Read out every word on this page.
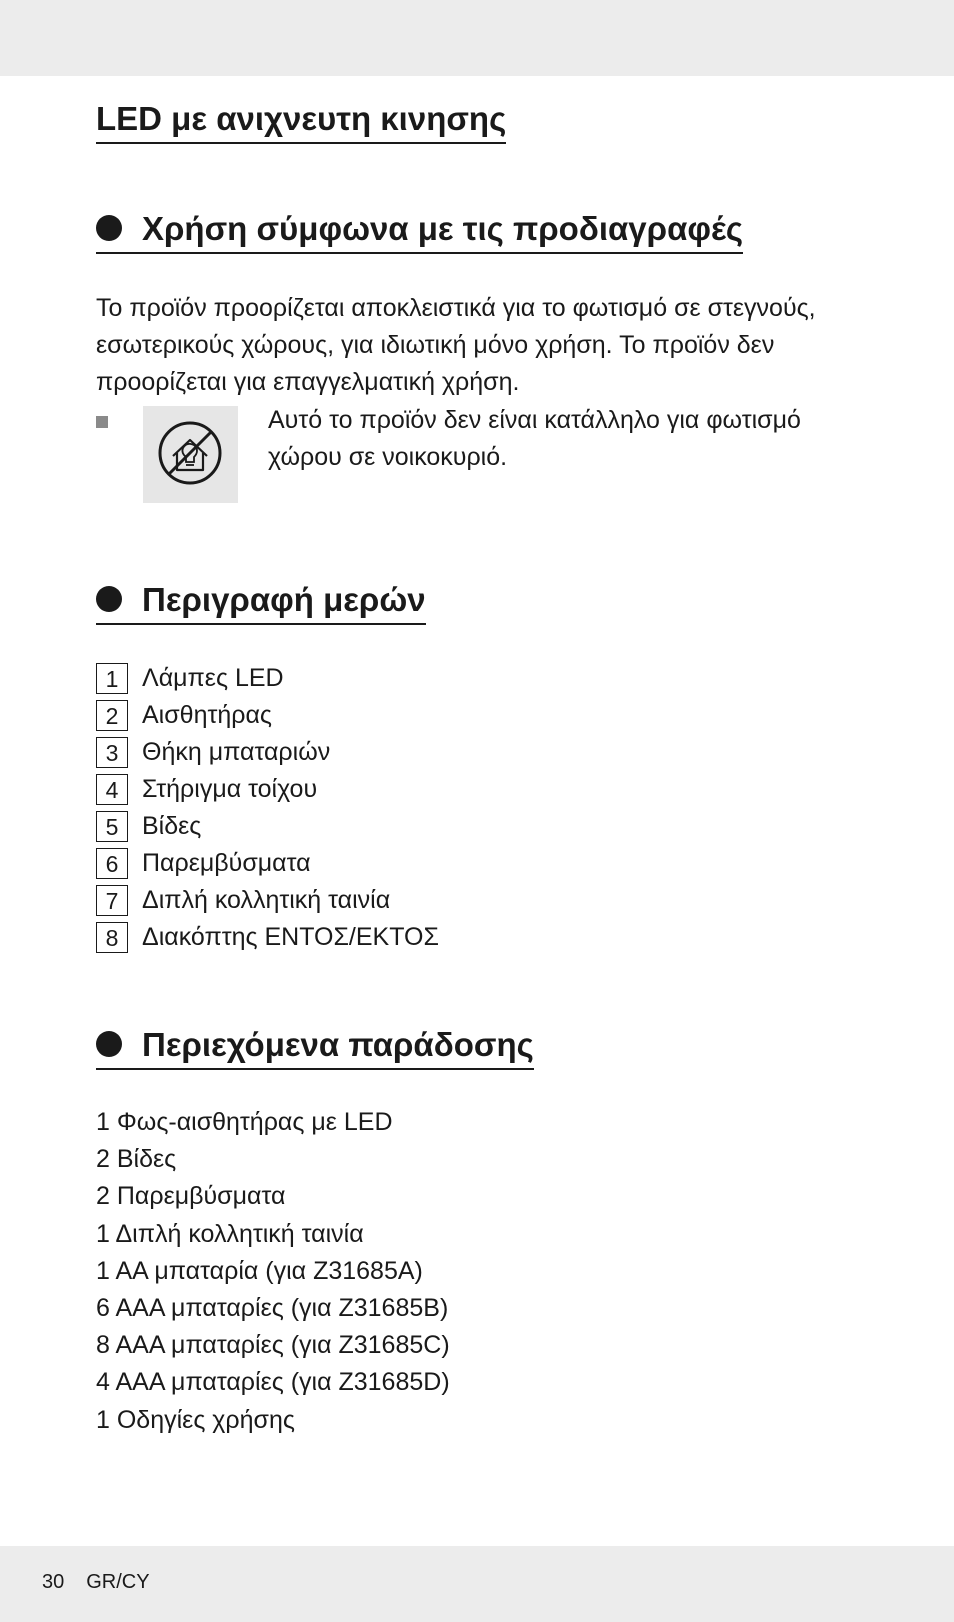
LED με ανιχνευτη κινησης
Χρήση σύμφωνα με τις προδιαγραφές

Το προϊόν προορίζεται αποκλειστικά για το φωτισμό σε στεγνούς, εσωτερικούς χώρους, για ιδιωτική μόνο χρήση. Το προϊόν δεν προορίζεται για επαγγελματική χρήση.

Αυτό το προϊόν δεν είναι κατάλληλο για φωτισμό χώρου σε νοικοκυριό.

Περιγραφή μερών
1 Λάμπες LED
2 Αισθητήρας
3 Θήκη μπαταριών
4 Στήριγμα τοίχου
5 Βίδες
6 Παρεμβύσματα
7 Διπλή κολλητική ταινία
8 Διακόπτης ΕΝΤΟΣ/ΕΚΤΟΣ
Περιεχόμενα παράδοσης
1 Φως-αισθητήρας με LED
2 Βίδες
2 Παρεμβύσματα
1 Διπλή κολλητική ταινία
1 AA μπαταρία (για Z31685A)
6 AAA μπαταρίες (για Z31685B)
8 AAA μπαταρίες (για Z31685C)
4 AAA μπαταρίες (για Z31685D)
1 Οδηγίες χρήσης
30 GR/CY
